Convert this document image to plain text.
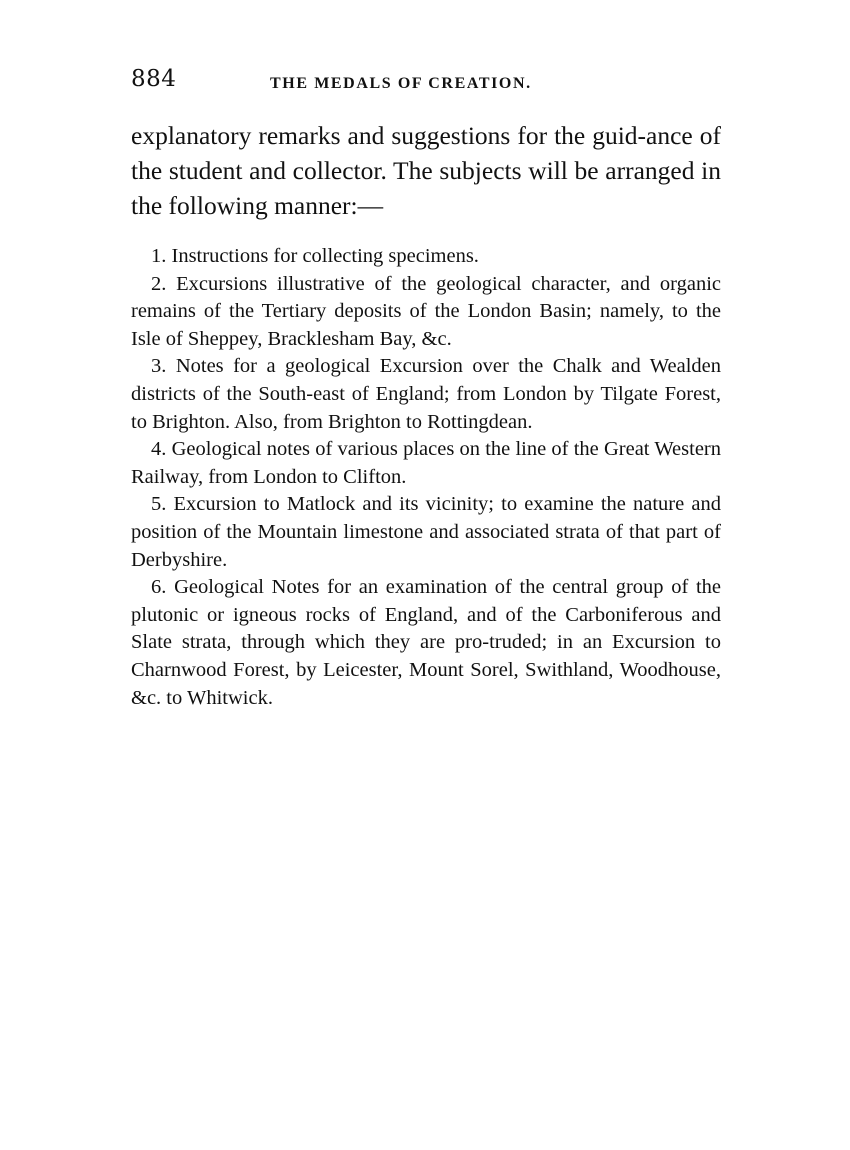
884	THE MEDALS OF CREATION.

explanatory remarks and suggestions for the guid-ance of the student and collector. The subjects will be arranged in the following manner:—

1. Instructions for collecting specimens.
2. Excursions illustrative of the geological character, and organic remains of the Tertiary deposits of the London Basin; namely, to the Isle of Sheppey, Bracklesham Bay, &c.
3. Notes for a geological Excursion over the Chalk and Wealden districts of the South-east of England; from London by Tilgate Forest, to Brighton. Also, from Brighton to Rottingdean.
4. Geological notes of various places on the line of the Great Western Railway, from London to Clifton.
5. Excursion to Matlock and its vicinity; to examine the nature and position of the Mountain limestone and associated strata of that part of Derbyshire.
6. Geological Notes for an examination of the central group of the plutonic or igneous rocks of England, and of the Carboniferous and Slate strata, through which they are pro-truded; in an Excursion to Charnwood Forest, by Leicester, Mount Sorel, Swithland, Woodhouse, &c. to Whitwick.
